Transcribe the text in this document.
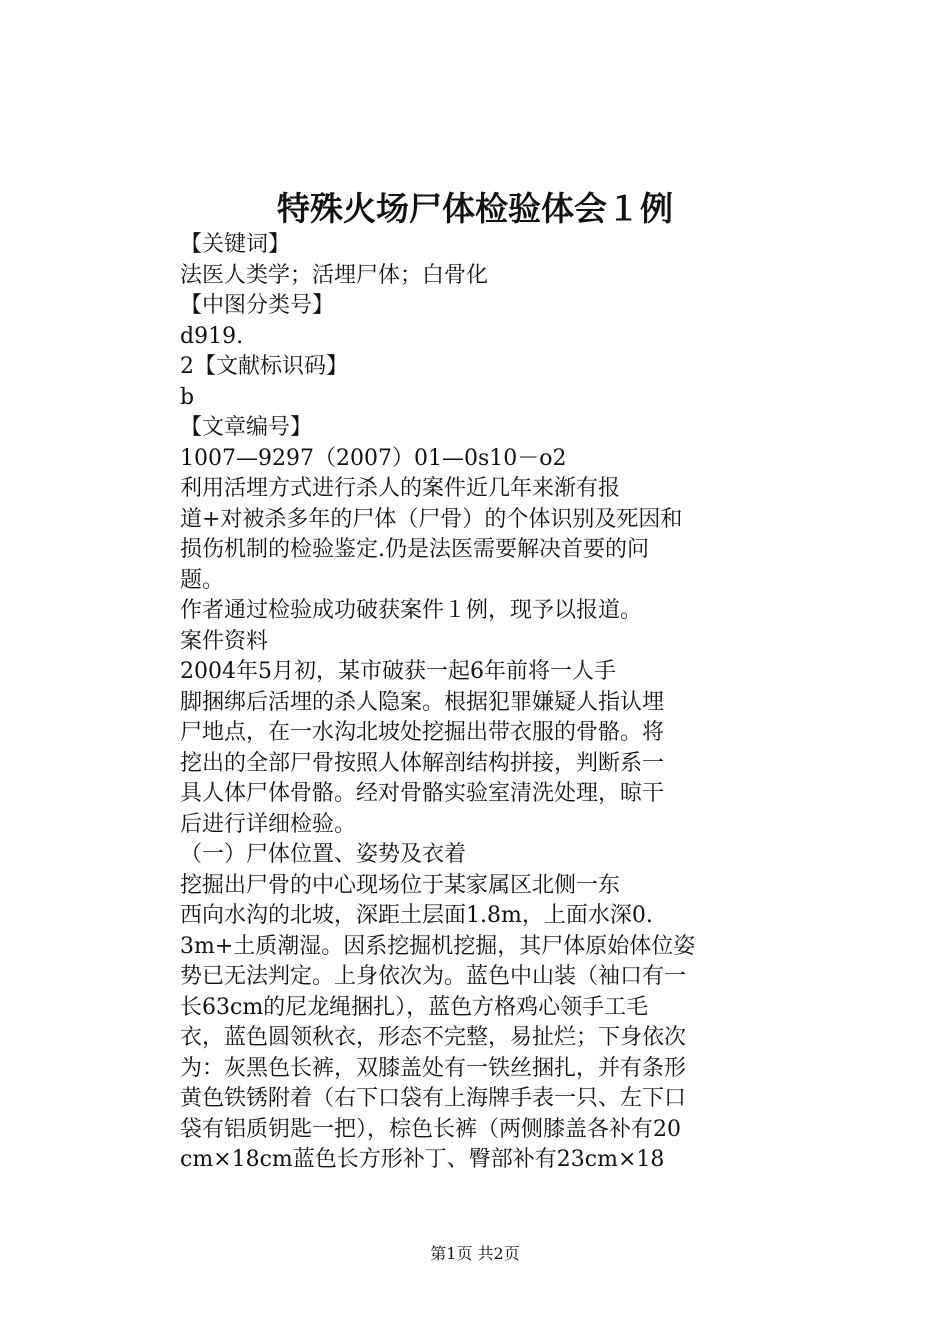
特殊火场尸体检验体会１例
【关键词】
法医人类学；活埋尸体；白骨化
【中图分类号】
d919.
2【文献标识码】
b
【文章编号】
1007—9297（2007）01—0s10－o2
利用活埋方式进行杀人的案件近几年来渐有报
道+对被杀多年的尸体（尸骨）的个体识别及死因和
损伤机制的检验鉴定.仍是法医需要解决首要的问
题。
作者通过检验成功破获案件１例，现予以报道。
案件资料
2004年5月初，某市破获一起6年前将一人手
脚捆绑后活埋的杀人隐案。根据犯罪嫌疑人指认埋
尸地点，在一水沟北坡处挖掘出带衣服的骨骼。将
挖出的全部尸骨按照人体解剖结构拼接，判断系一
具人体尸体骨骼。经对骨骼实验室清洗处理，晾干
后进行详细检验。
（一）尸体位置、姿势及衣着
挖掘出尸骨的中心现场位于某家属区北侧一东
西向水沟的北坡，深距土层面1.8m，上面水深0.
3m+土质潮湿。因系挖掘机挖掘，其尸体原始体位姿
势已无法判定。上身依次为。蓝色中山装（袖口有一
长63cm的尼龙绳捆扎），蓝色方格鸡心领手工毛
衣，蓝色圆领秋衣，形态不完整，易扯烂；下身依次
为：灰黑色长裤，双膝盖处有一铁丝捆扎，并有条形
黄色铁锈附着（右下口袋有上海牌手表一只、左下口
袋有铝质钥匙一把），棕色长裤（两侧膝盖各补有20
cm×18cm蓝色长方形补丁、臀部补有23cm×18
第1页 共2页
